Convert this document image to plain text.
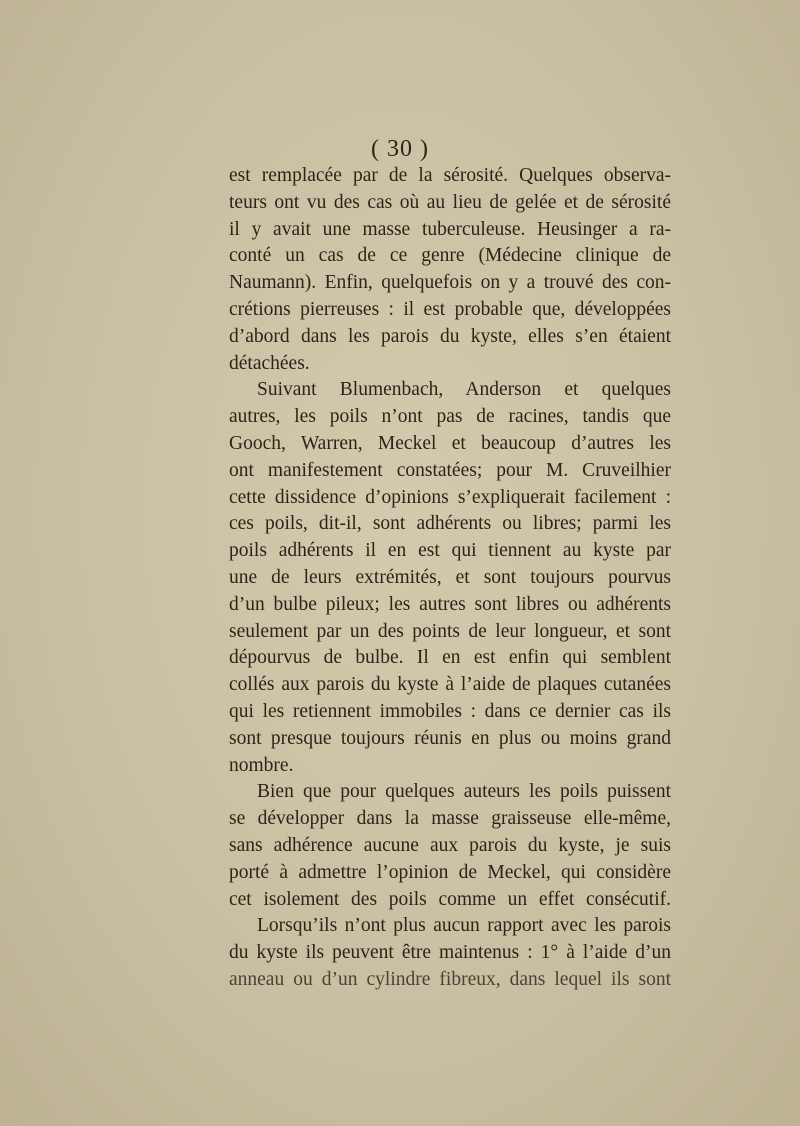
( 30 )
est remplacée par de la sérosité. Quelques observa-
teurs ont vu des cas où au lieu de gelée et de sérosité
il y avait une masse tuberculeuse. Heusinger a ra-
conté un cas de ce genre (Médecine clinique de
Naumann). Enfin, quelquefois on y a trouvé des con-
crétions pierreuses : il est probable que, développées
d’abord dans les parois du kyste, elles s’en étaient
détachées.
Suivant Blumenbach, Anderson et quelques
autres, les poils n’ont pas de racines, tandis que
Gooch, Warren, Meckel et beaucoup d’autres les
ont manifestement constatées; pour M. Cruveilhier
cette dissidence d’opinions s’expliquerait facilement :
ces poils, dit-il, sont adhérents ou libres; parmi les
poils adhérents il en est qui tiennent au kyste par
une de leurs extrémités, et sont toujours pourvus
d’un bulbe pileux; les autres sont libres ou adhérents
seulement par un des points de leur longueur, et sont
dépourvus de bulbe. Il en est enfin qui semblent
collés aux parois du kyste à l’aide de plaques cutanées
qui les retiennent immobiles : dans ce dernier cas ils
sont presque toujours réunis en plus ou moins grand
nombre.
Bien que pour quelques auteurs les poils puissent
se développer dans la masse graisseuse elle-même,
sans adhérence aucune aux parois du kyste, je suis
porté à admettre l’opinion de Meckel, qui considère
cet isolement des poils comme un effet consécutif.
Lorsqu’ils n’ont plus aucun rapport avec les parois
du kyste ils peuvent être maintenus : 1° à l’aide d’un
anneau ou d’un cylindre fibreux, dans lequel ils sont
